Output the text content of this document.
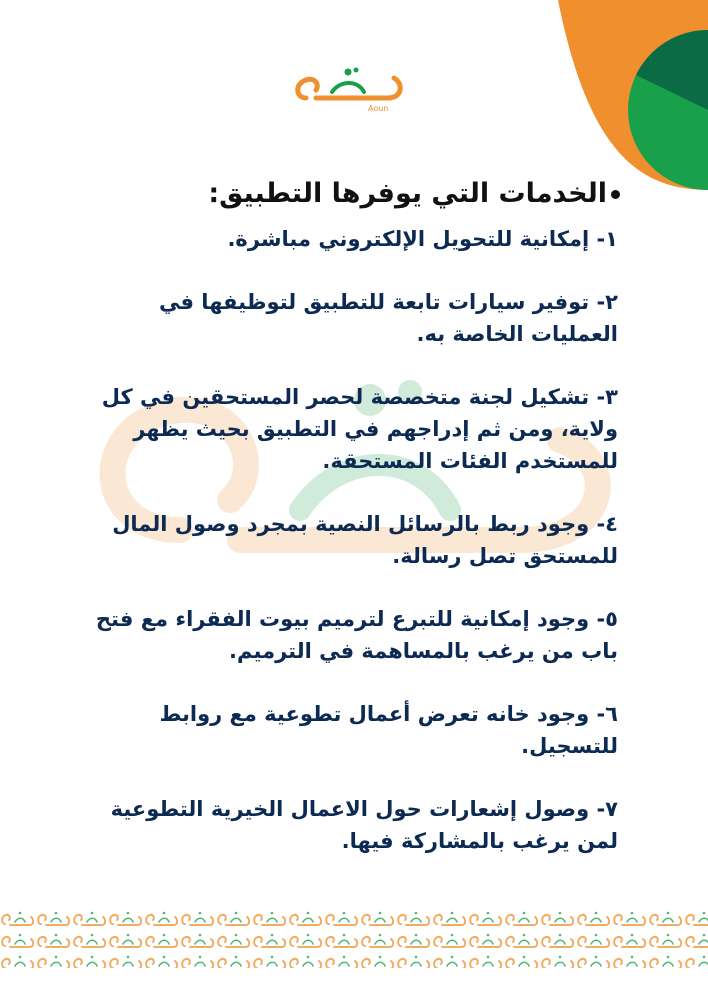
Aoun
الخدمات التي يوفرها التطبيق:
١- إمكانية للتحويل الإلكتروني مباشرة.
٢- توفير سيارات تابعة للتطبيق لتوظيفها في العمليات الخاصة به.
٣- تشكيل لجنة متخصصة لحصر المستحقين في كل ولاية، ومن ثم إدراجهم في التطبيق بحيث يظهر للمستخدم الفئات المستحقة.
٤- وجود ربط بالرسائل النصية بمجرد وصول المال للمستحق تصل رسالة.
٥- وجود إمكانية للتبرع لترميم بيوت الفقراء مع فتح باب من يرغب بالمساهمة في الترميم.
٦- وجود خانه تعرض أعمال تطوعية مع روابط للتسجيل.
٧- وصول إشعارات حول الاعمال الخيرية التطوعية لمن يرغب بالمشاركة فيها.
